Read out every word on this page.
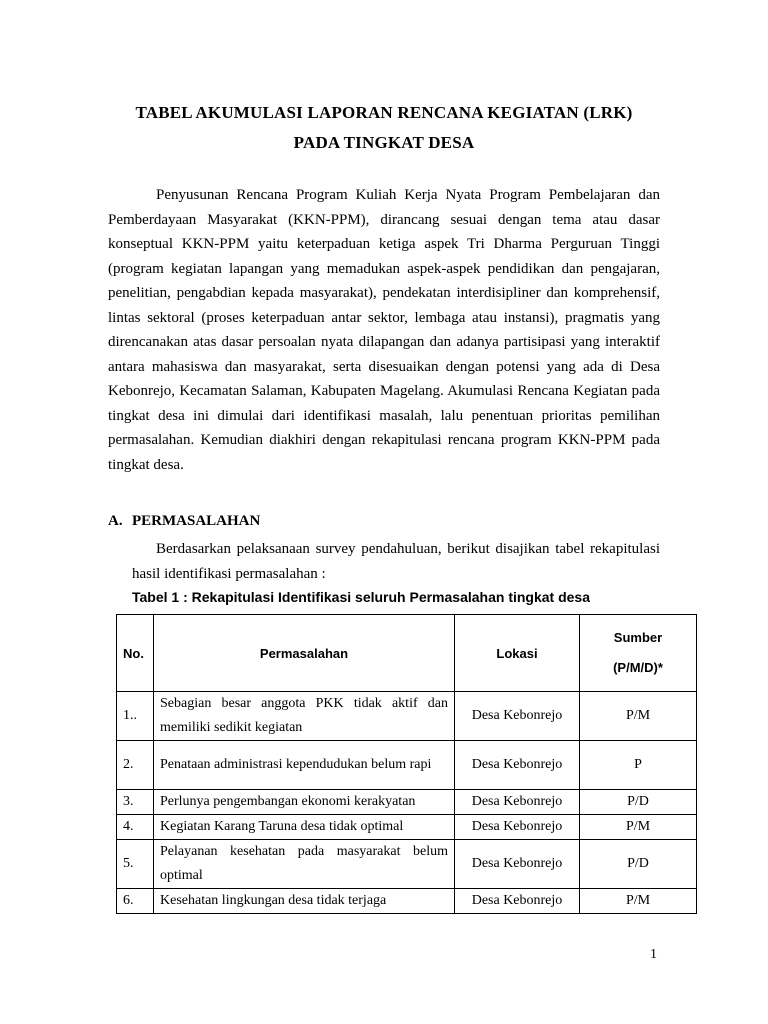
TABEL AKUMULASI LAPORAN RENCANA KEGIATAN (LRK)
PADA TINGKAT DESA

Penyusunan Rencana Program Kuliah Kerja Nyata Program Pembelajaran dan Pemberdayaan Masyarakat (KKN-PPM), dirancang sesuai dengan tema atau dasar konseptual KKN-PPM yaitu keterpaduan ketiga aspek Tri Dharma Perguruan Tinggi (program kegiatan lapangan yang memadukan aspek-aspek pendidikan dan pengajaran, penelitian, pengabdian kepada masyarakat), pendekatan interdisipliner dan komprehensif, lintas sektoral (proses keterpaduan antar sektor, lembaga atau instansi), pragmatis yang direncanakan atas dasar persoalan nyata dilapangan dan adanya partisipasi yang interaktif antara mahasiswa dan masyarakat, serta disesuaikan dengan potensi yang ada di Desa Kebonrejo, Kecamatan Salaman, Kabupaten Magelang. Akumulasi Rencana Kegiatan pada tingkat desa ini dimulai dari identifikasi masalah, lalu penentuan prioritas pemilihan permasalahan. Kemudian diakhiri dengan rekapitulasi rencana program KKN-PPM pada tingkat desa.

A. PERMASALAHAN

Berdasarkan pelaksanaan survey pendahuluan, berikut disajikan tabel rekapitulasi hasil identifikasi permasalahan :

Tabel 1 : Rekapitulasi Identifikasi seluruh Permasalahan tingkat desa
No.	Permasalahan	Lokasi	Sumber
(P/M/D)*

1..	Sebagian besar anggota PKK tidak aktif dan memiliki sedikit kegiatan	Desa Kebonrejo	P/M
2.	Penataan administrasi kependudukan belum rapi	Desa Kebonrejo	P
3.	Perlunya pengembangan ekonomi kerakyatan	Desa Kebonrejo	P/D
4.	Kegiatan Karang Taruna desa tidak optimal	Desa Kebonrejo	P/M
5.	Pelayanan kesehatan pada masyarakat belum optimal	Desa Kebonrejo	P/D
6.	Kesehatan lingkungan desa tidak terjaga	Desa Kebonrejo	P/M
1
